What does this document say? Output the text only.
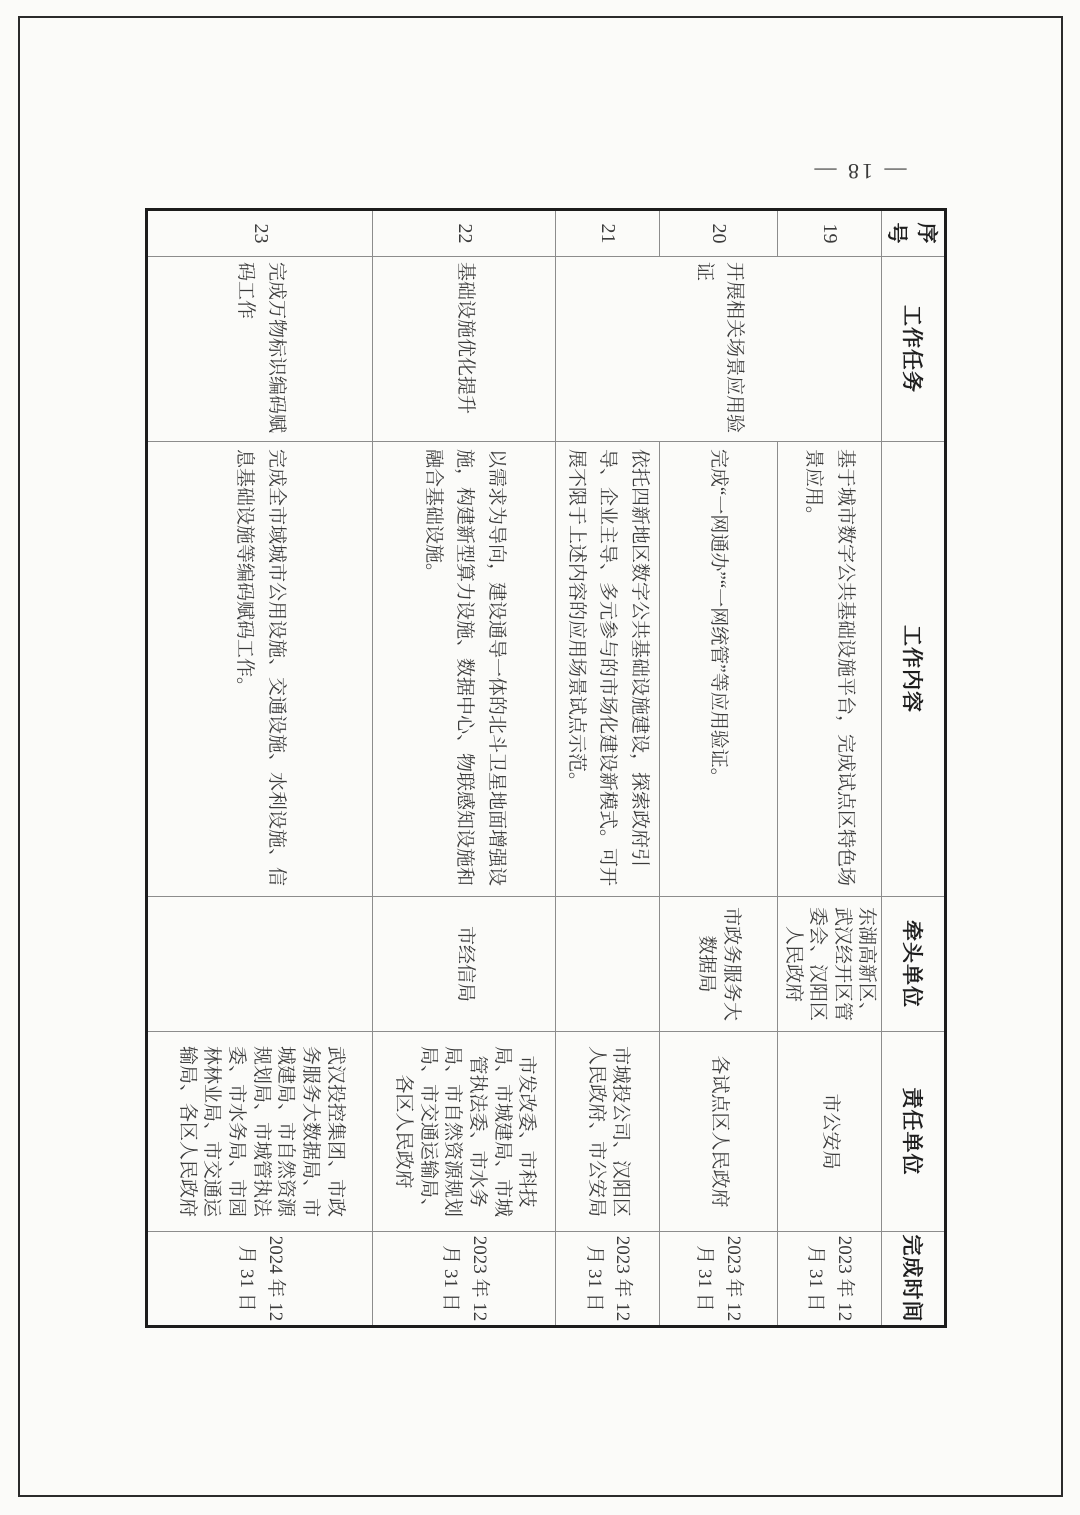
— 18 —
序号	工作任务	工作内容	牵头单位	责任单位	完成时间
19	开展相关场景应用验证	基于城市数字公共基础设施平台，完成试点区特色场景应用。	东湖高新区、武汉经开区管委会、汉阳区人民政府	市公安局	2023 年 12 月 31 日
20		完成“一网通办”“一网统管”等应用验证。	市政务服务大数据局	各试点区人民政府	2023 年 12 月 31 日
21		依托四新地区数字公共基础设施建设，探索政府引导、企业主导、多元参与的市场化建设新模式。可开展不限于上述内容的应用场景试点示范。		市城投公司、汉阳区人民政府、市公安局	2023 年 12 月 31 日
22	基础设施优化提升	以需求为导向，建设通导一体的北斗卫星地面增强设施，构建新型算力设施、数据中心、物联感知设施和融合基础设施。	市经信局	市发改委、市科技局、市城建局、市城管执法委、市水务局、市自然资源规划局、市交通运输局、各区人民政府	2023 年 12 月 31 日
23	完成万物标识编码赋码工作	完成全市域城市公用设施、交通设施、水利设施、信息基础设施等编码赋码工作。		武汉投控集团、市政务服务大数据局、市城建局、市自然资源规划局、市城管执法委、市水务局、市园林林业局、市交通运输局、各区人民政府	2024 年 12 月 31 日
